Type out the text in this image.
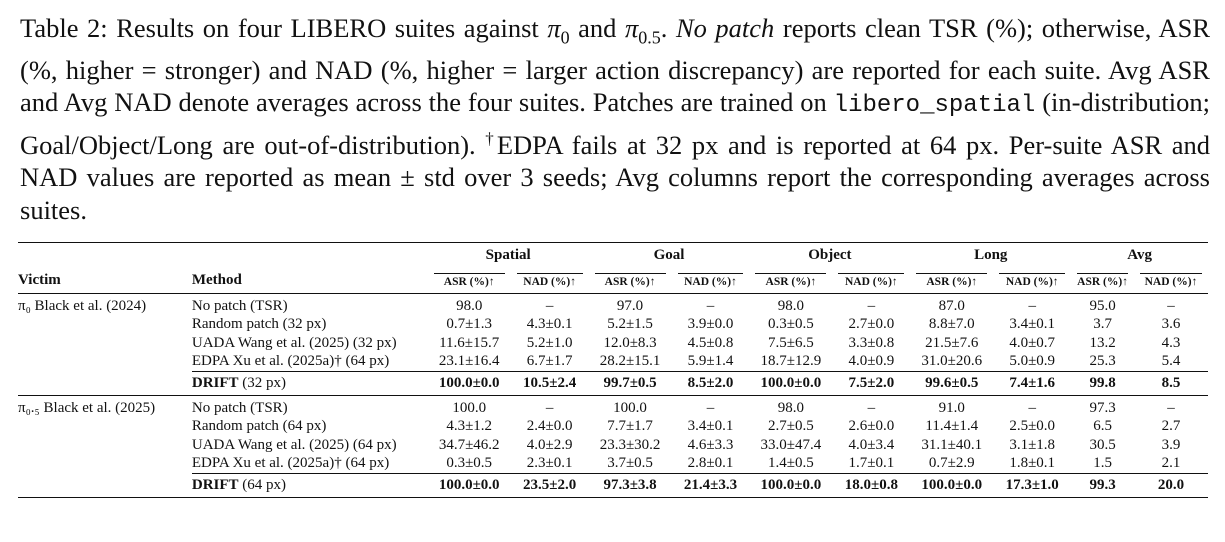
Table 2: Results on four LIBERO suites against $\pi_0$ and $\pi_{0.5}$. No patch reports clean TSR (%); otherwise, ASR (%, higher = stronger) and NAD (%, higher = larger action discrepancy) are reported for each suite. Avg ASR and Avg NAD denote averages across the four suites. Patches are trained on libero_spatial (in-distribution; Goal/Object/Long are out-of-distribution). †EDPA fails at 32 px and is reported at 64 px. Per-suite ASR and NAD values are reported as mean ± std over 3 seeds; Avg columns report the corresponding averages across suites.
		Spatial		Goal		Object		Long		Avg	
Victim	Method	ASR (%)↑	NAD (%)↑	ASR (%)↑	NAD (%)↑	ASR (%)↑	NAD (%)↑	ASR (%)↑	NAD (%)↑	ASR (%)↑	NAD (%)↑

π₀ Black et al. (2024)	No patch (TSR)	98.0	–	97.0	–	98.0	–	87.0	–	95.0	–
	Random patch (32 px)	0.7±1.3	4.3±0.1	5.2±1.5	3.9±0.0	0.3±0.5	2.7±0.0	8.8±7.0	3.4±0.1	3.7	3.6
	UADA Wang et al. (2025) (32 px)	11.6±15.7	5.2±1.0	12.0±8.3	4.5±0.8	7.5±6.5	3.3±0.8	21.5±7.6	4.0±0.7	13.2	4.3
	EDPA Xu et al. (2025a)† (64 px)	23.1±16.4	6.7±1.7	28.2±15.1	5.9±1.4	18.7±12.9	4.0±0.9	31.0±20.6	5.0±0.9	25.3	5.4
	DRIFT (32 px)	100.0±0.0	10.5±2.4	99.7±0.5	8.5±2.0	100.0±0.0	7.5±2.0	99.6±0.5	7.4±1.6	99.8	8.5
π₀.₅ Black et al. (2025)	No patch (TSR)	100.0	–	100.0	–	98.0	–	91.0	–	97.3	–
	Random patch (64 px)	4.3±1.2	2.4±0.0	7.7±1.7	3.4±0.1	2.7±0.5	2.6±0.0	11.4±1.4	2.5±0.0	6.5	2.7
	UADA Wang et al. (2025) (64 px)	34.7±46.2	4.0±2.9	23.3±30.2	4.6±3.3	33.0±47.4	4.0±3.4	31.1±40.1	3.1±1.8	30.5	3.9
	EDPA Xu et al. (2025a)† (64 px)	0.3±0.5	2.3±0.1	3.7±0.5	2.8±0.1	1.4±0.5	1.7±0.1	0.7±2.9	1.8±0.1	1.5	2.1
	DRIFT (64 px)	100.0±0.0	23.5±2.0	97.3±3.8	21.4±3.3	100.0±0.0	18.0±0.8	100.0±0.0	17.3±1.0	99.3	20.0
